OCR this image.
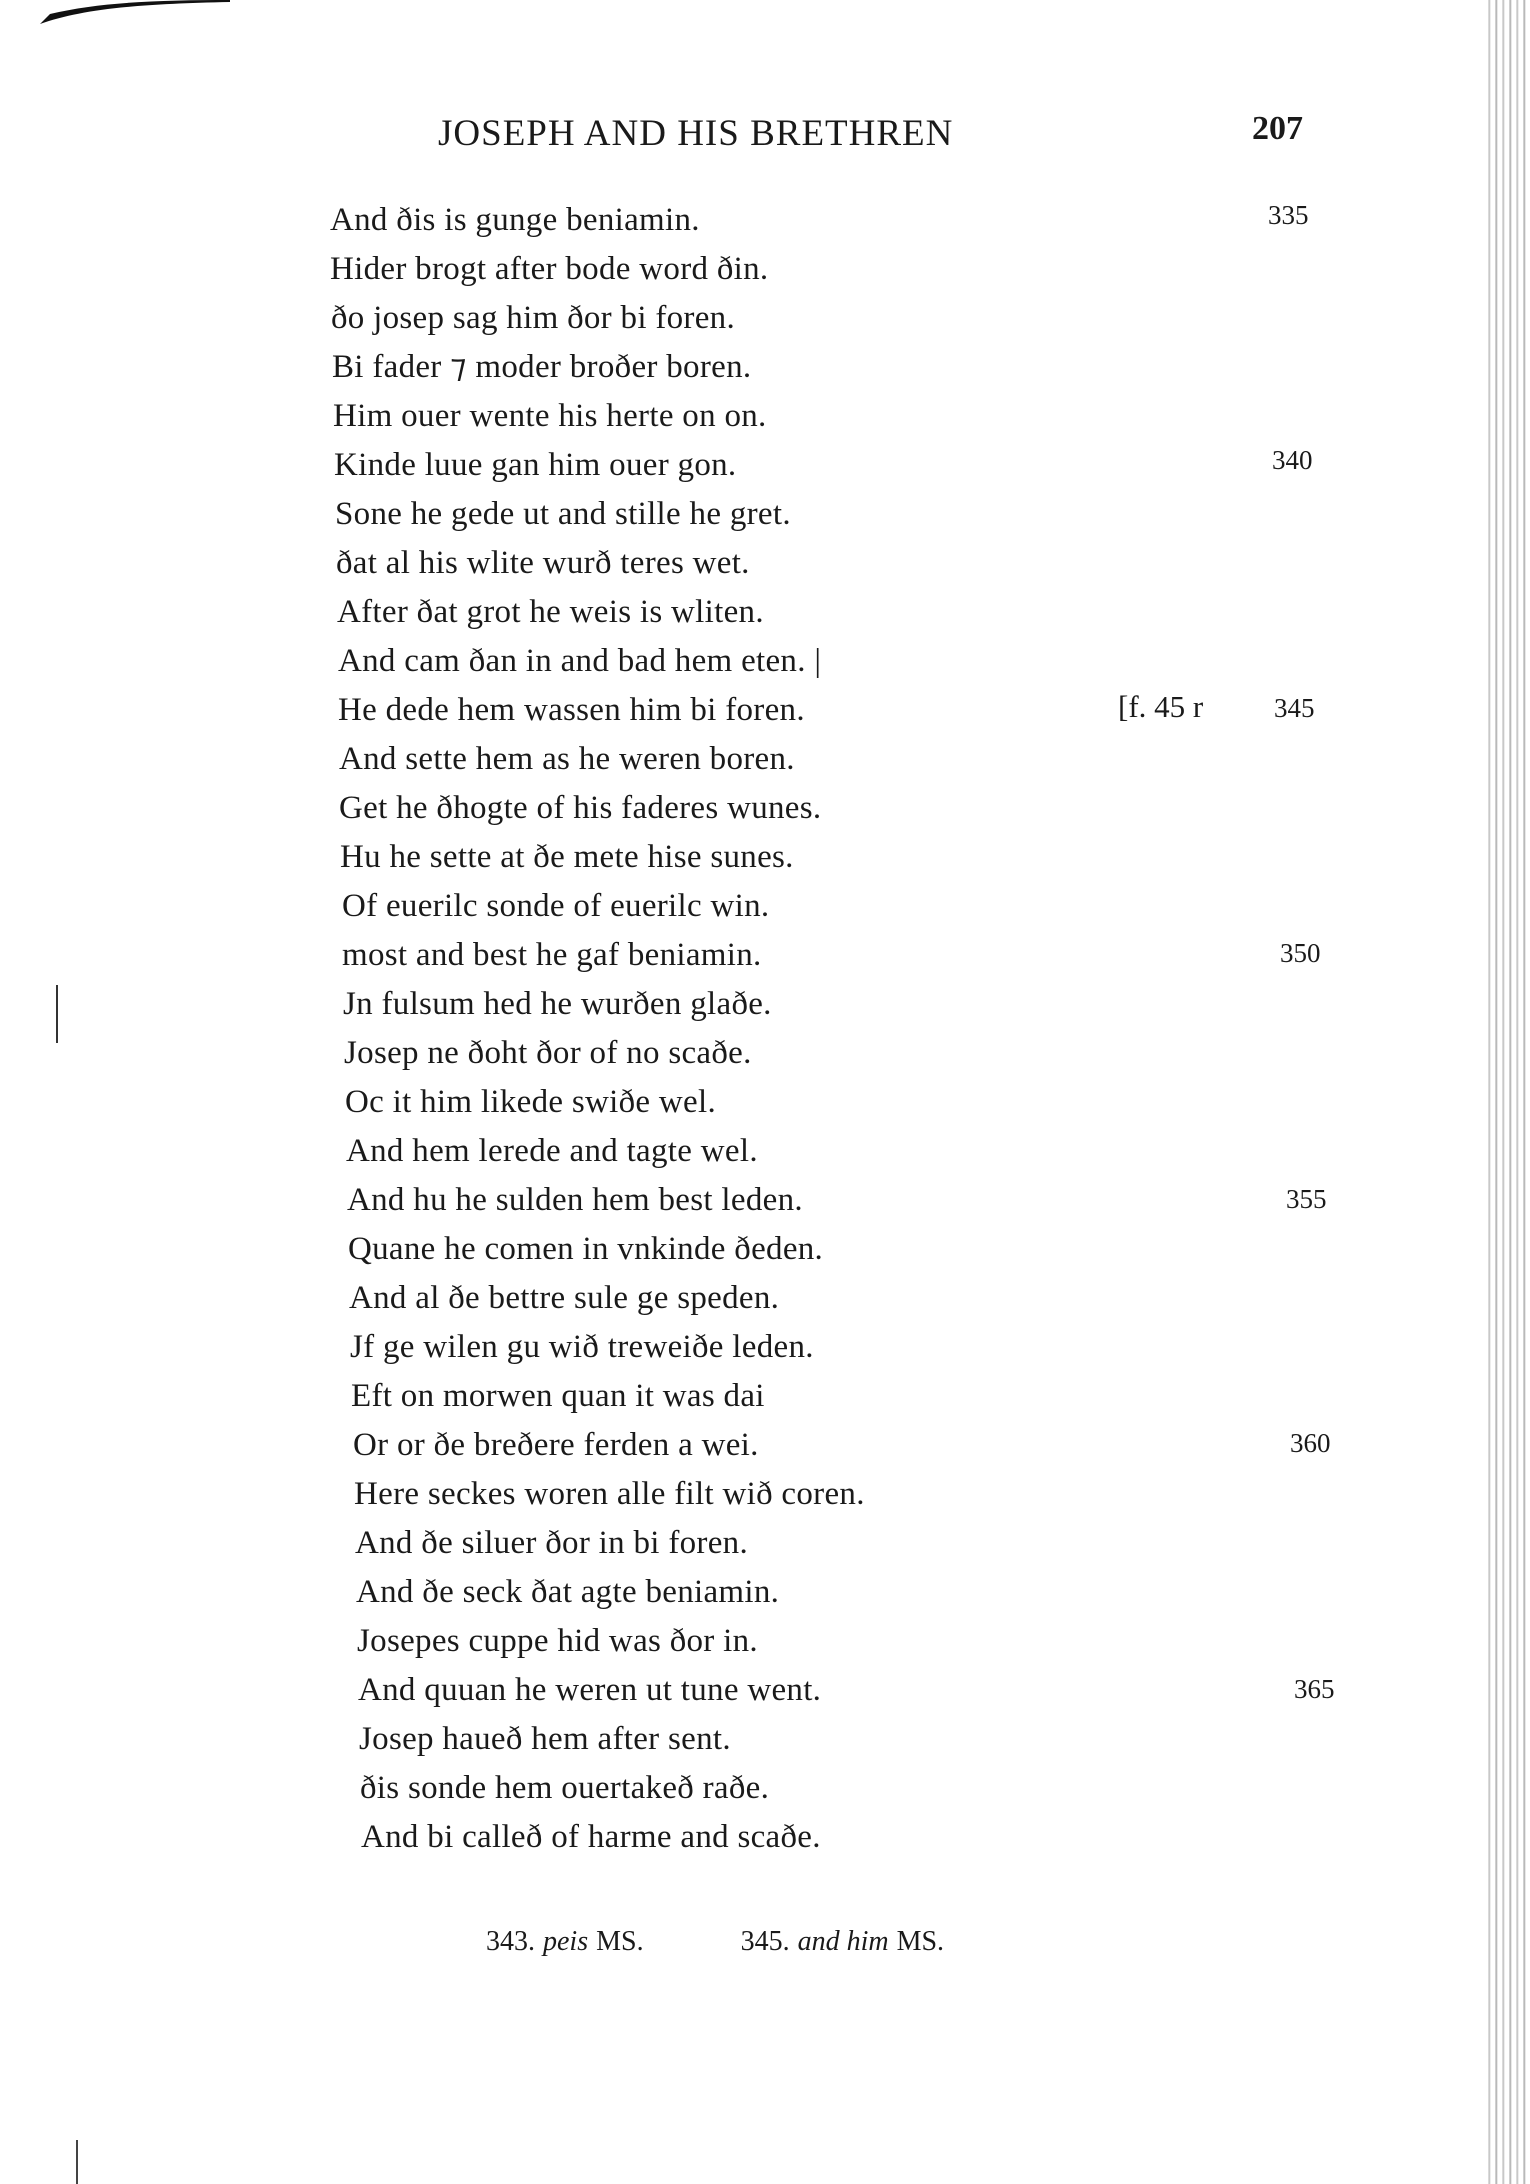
JOSEPH AND HIS BRETHREN	207
And ðis is gunge beniamin.
Hider brogt after bode word ðin.
ðo josep sag him ðor bi foren.
Bi fader ⁊ moder broðer boren.
Him ouer wente his herte on on.
Kinde luue gan him ouer gon.
Sone he gede ut and stille he gret.
ðat al his wlite wurð teres wet.
After ðat grot he weis is wliten.
And cam ðan in and bad hem eten. |
He dede hem wassen him bi foren.
And sette hem as he weren boren.
Get he ðhogte of his faderes wunes.
Hu he sette at ðe mete hise sunes.
Of euerilc sonde of euerilc win.
most and best he gaf beniamin.
Jn fulsum hed he wurðen glaðe.
Josep ne ðoht ðor of no scaðe.
Oc it him likede swiðe wel.
And hem lerede and tagte wel.
And hu he sulden hem best leden.
Quane he comen in vnkinde ðeden.
And al ðe bettre sule ge speden.
Jf ge wilen gu wið treweiðe leden.
Eft on morwen quan it was dai
Or or ðe breðere ferden a wei.
Here seckes woren alle filt wið coren.
And ðe siluer ðor in bi foren.
And ðe seck ðat agte beniamin.
Josepes cuppe hid was ðor in.
And quuan he weren ut tune went.
Josep haueð hem after sent.
ðis sonde hem ouertakeð raðe.
And bi calleð of harme and scaðe.
335
340
345
350
355
360
365
[f. 45 r
343. peis MS.	345. and him MS.
